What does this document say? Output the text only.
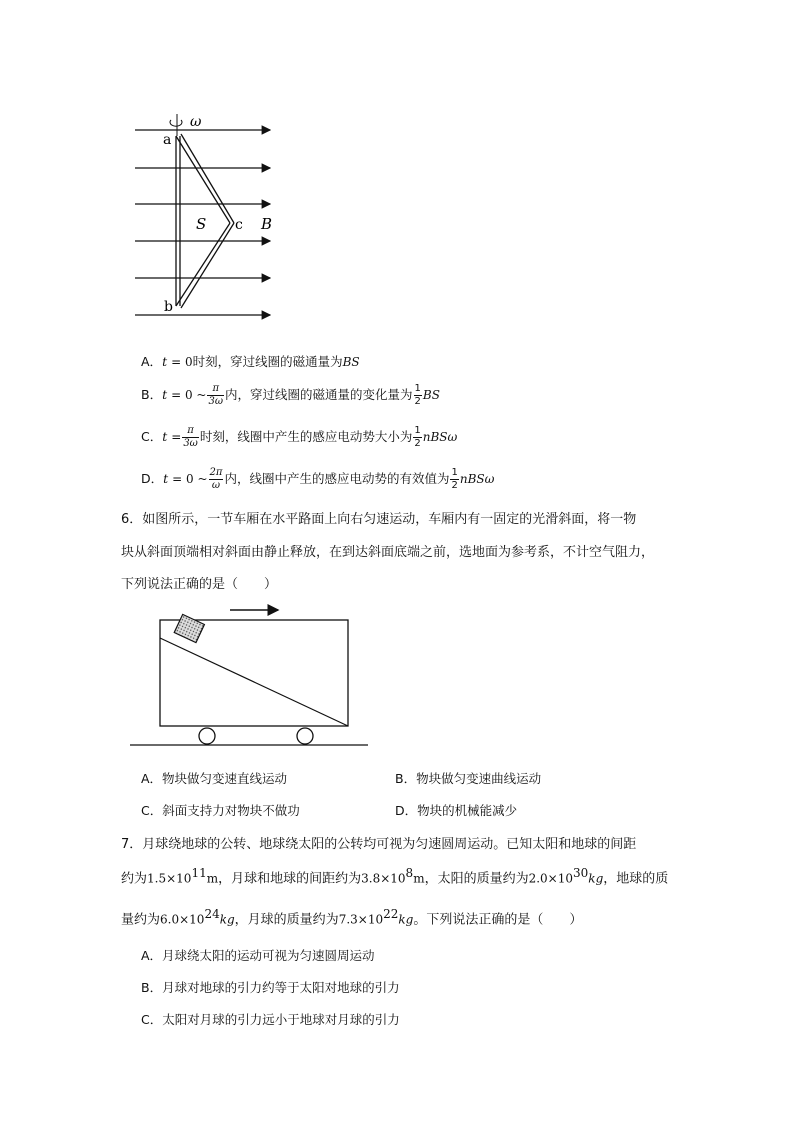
ω
a
b
c
S	B
A．t = 0时刻，穿过线圈的磁通量为BS
B．t = 0 ~ $\frac{\pi}{3\omega}$ 内，穿过线圈的磁通量的变化量为 $\frac{1}{2}$ BS
C．$t = \frac{\pi}{3\omega}$ 时刻，线圈中产生的感应电动势大小为 $\frac{1}{2}$ nBSω
D．t = 0 ~ $\frac{2\pi}{\omega}$ 内，线圈中产生的感应电动势的有效值为 $\frac{1}{2}$ nBSω
6．如图所示，一节车厢在水平路面上向右匀速运动，车厢内有一固定的光滑斜面，将一物
块从斜面顶端相对斜面由静止释放，在到达斜面底端之前，选地面为参考系，不计空气阻力，
下列说法正确的是（　　）
A．物块做匀变速直线运动	B．物块做匀变速曲线运动
C．斜面支持力对物块不做功	D．物块的机械能减少
7．月球绕地球的公转、地球绕太阳的公转均可视为匀速圆周运动。已知太阳和地球的间距
约为$1.5\times 10^{11}m$，月球和地球的间距约为$3.8\times 10^8m$，太阳的质量约为$2.0\times 10^{30}kg$，地球的质
量约为$6.0\times 10^{24}kg$，月球的质量约为$7.3\times 10^{22}kg$。下列说法正确的是（　　）
A．月球绕太阳的运动可视为匀速圆周运动
B．月球对地球的引力约等于太阳对地球的引力
C．太阳对月球的引力远小于地球对月球的引力
